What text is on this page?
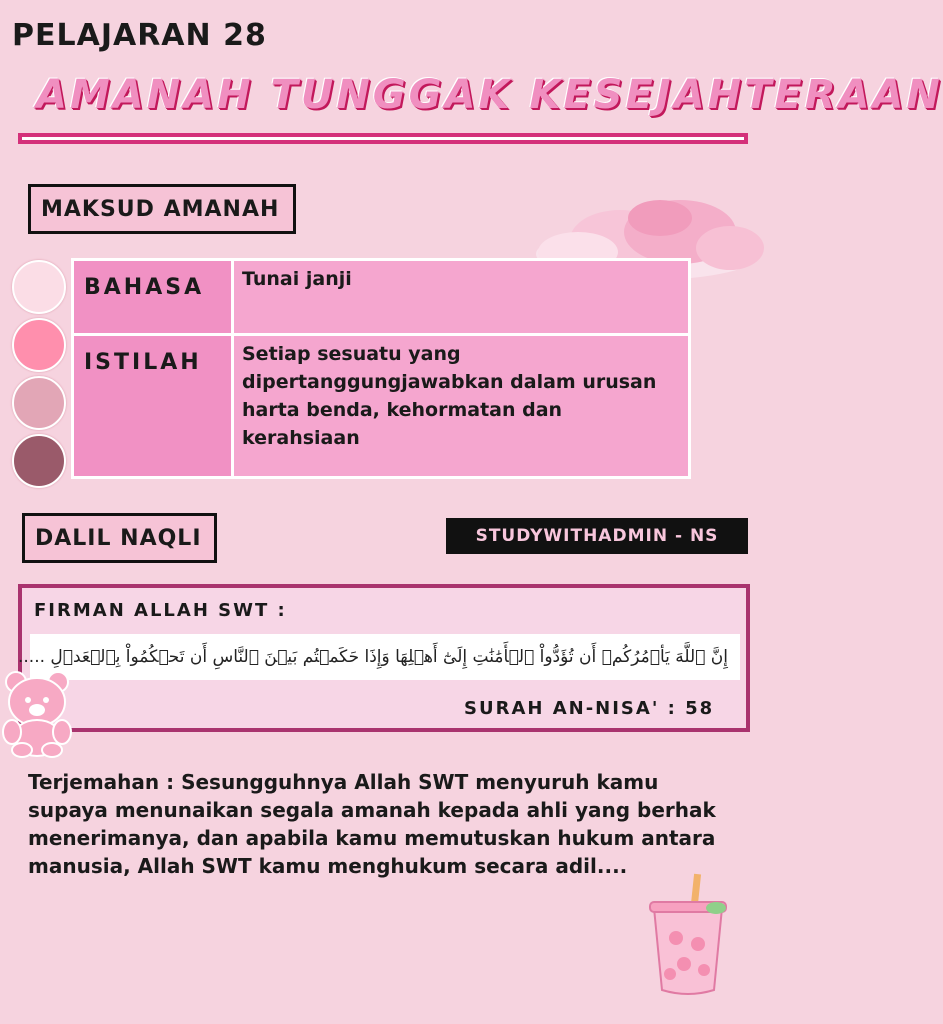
PELAJARAN 28
AMANAH TUNGGAK KESEJAHTERAAN
MAKSUD AMANAH
BAHASA	Tunai janji
ISTILAH	Setiap sesuatu yang dipertanggungjawabkan dalam urusan harta benda, kehormatan dan kerahsiaan
DALIL NAQLI	STUDYWITHADMIN - NS
FIRMAN ALLAH SWT :
إِنَّ ٱللَّهَ يَأۡمُرُكُمۡ أَن تُؤَدُّواْ ٱلۡأَمَٰنَٰتِ إِلَىٰٓ أَهۡلِهَا وَإِذَا حَكَمۡتُم بَيۡنَ ٱلنَّاسِ أَن تَحۡكُمُواْ بِٱلۡعَدۡلِ .....
SURAH AN-NISA' : 58
Terjemahan : Sesungguhnya Allah SWT menyuruh kamu supaya menunaikan segala amanah kepada ahli yang berhak menerimanya, dan apabila kamu memutuskan hukum antara manusia, Allah SWT kamu menghukum secara adil....
